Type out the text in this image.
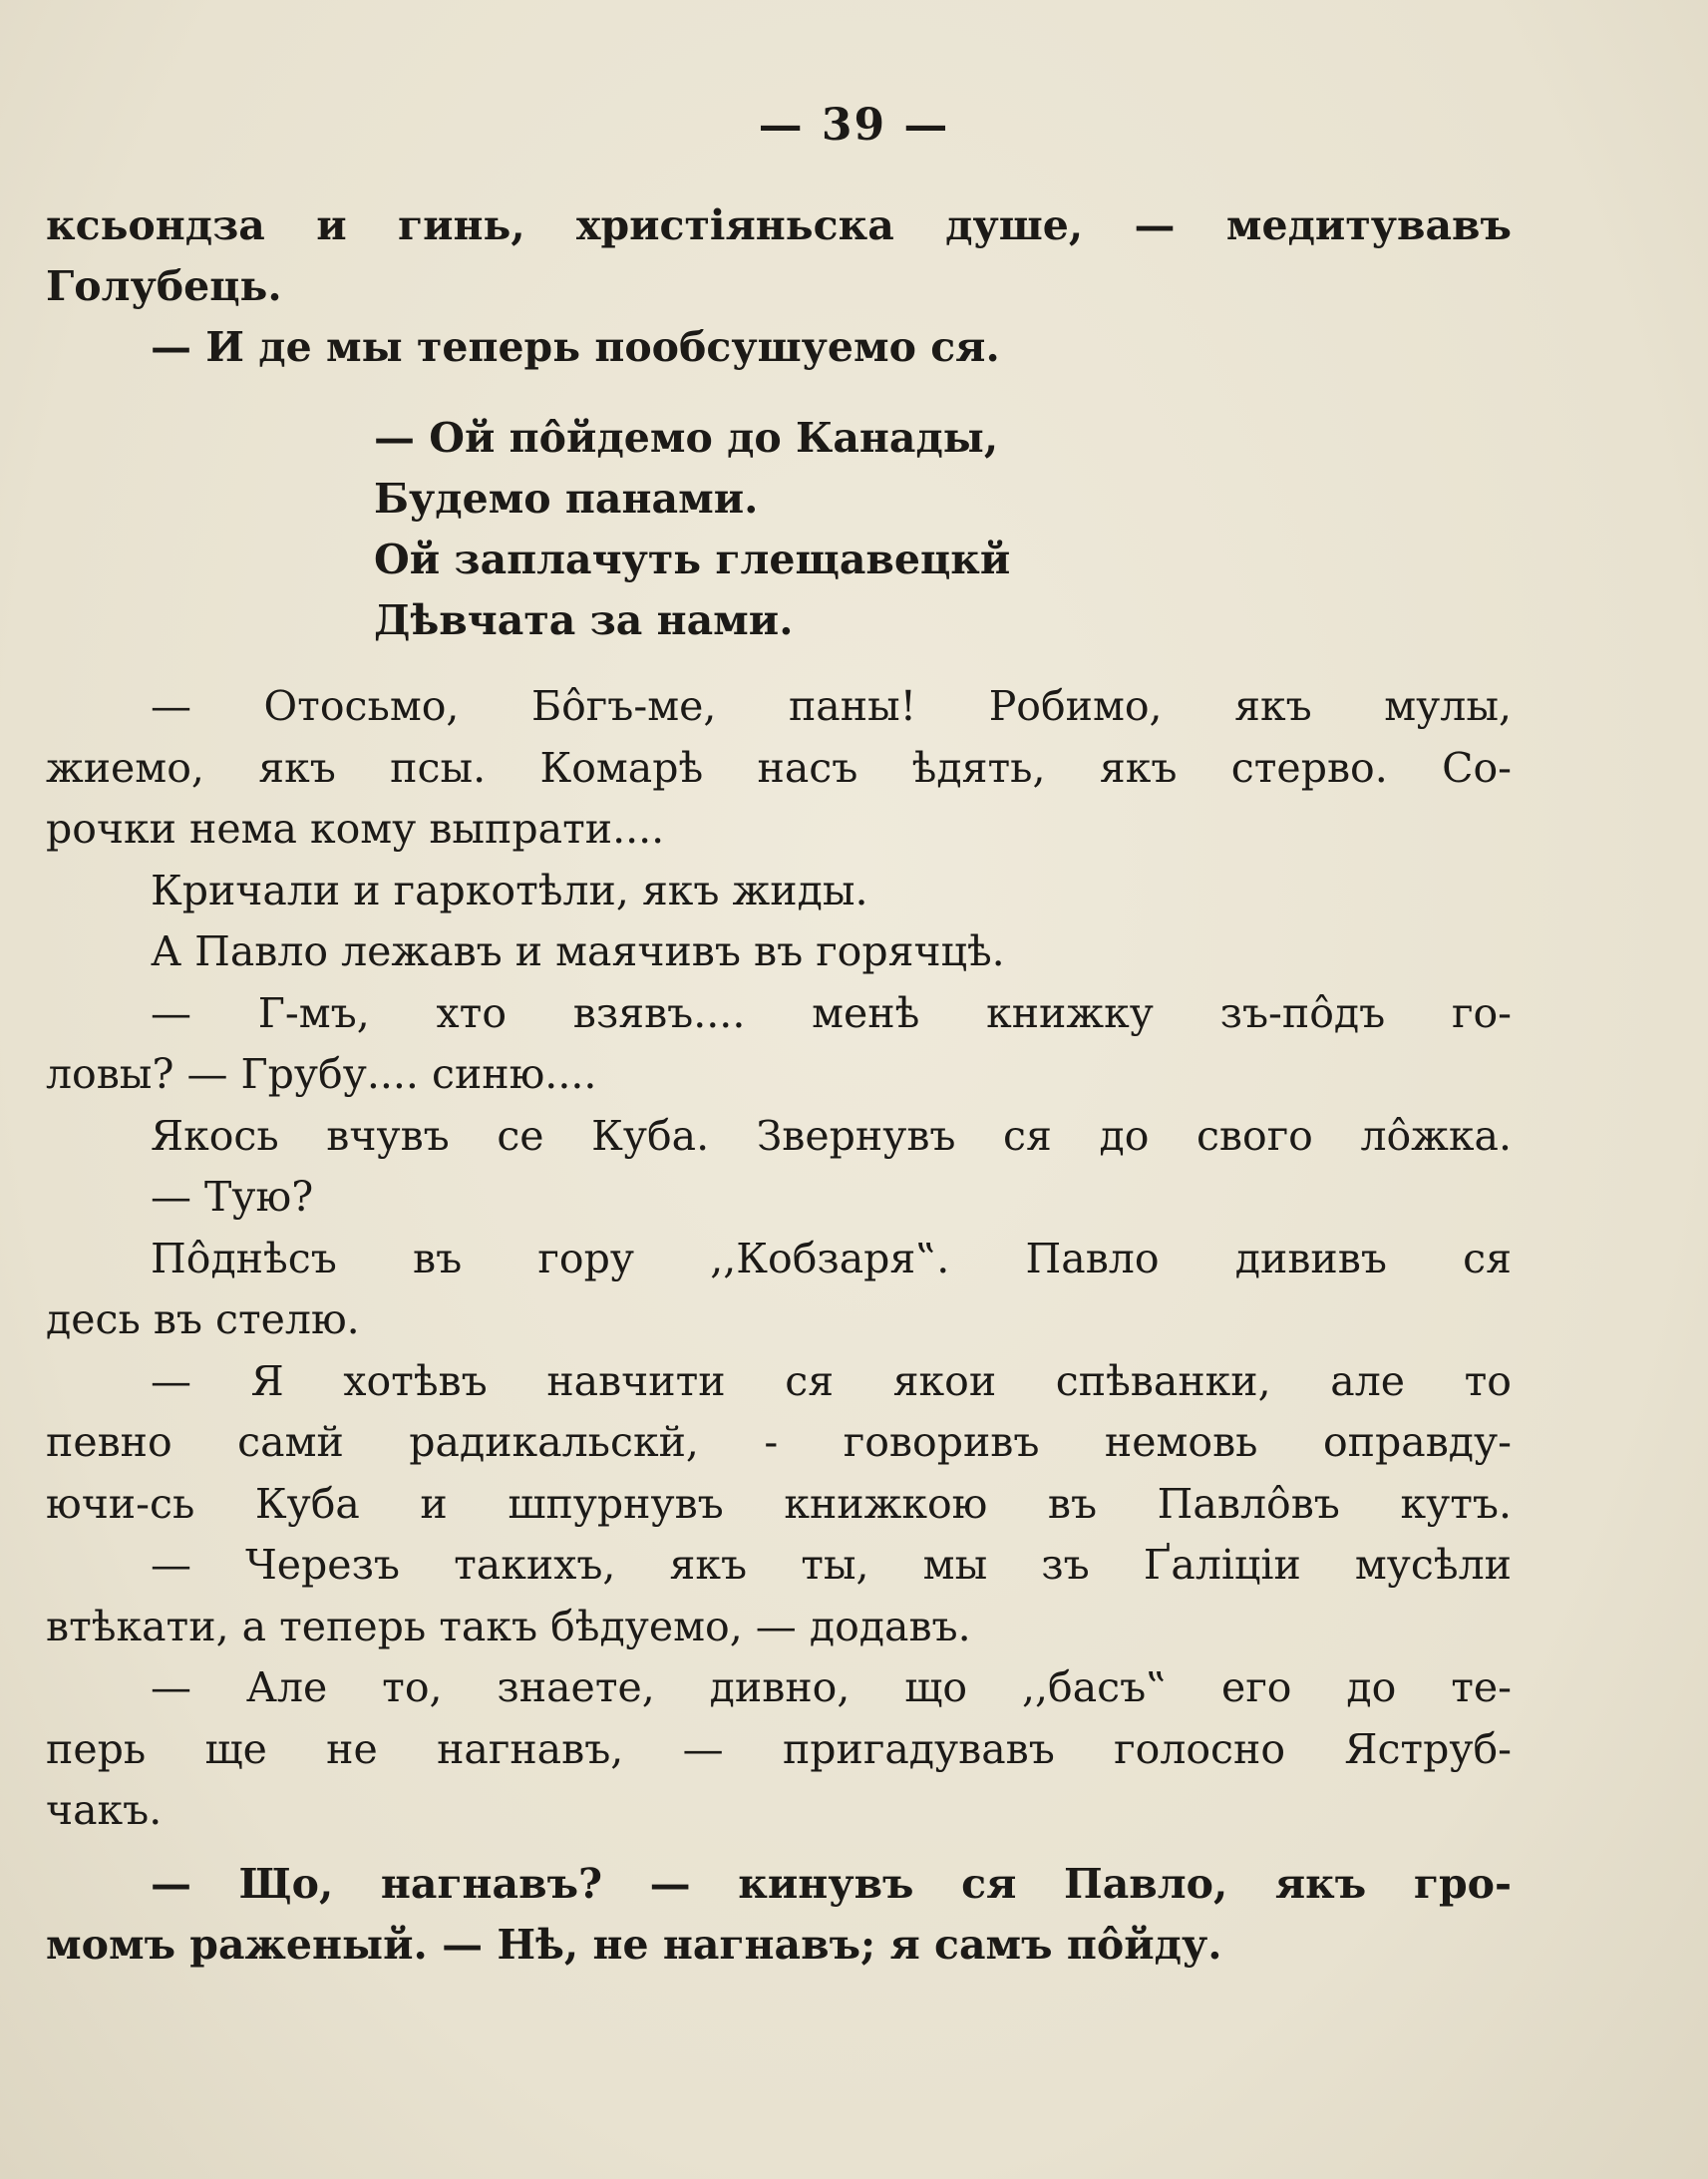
— 39 —
ксьондза и гинь, христіяньска душе, — медитувавъ
Голубець.
— И де мы теперь пообсушуемо ся.
— Ой пôйдемо до Канады,
Будемо панами.
Ой заплачуть глещавецкй
Дѣвчата за нами.
— Отосьмо, Бôгъ-ме, паны! Робимо, якъ мулы,
жиемо, якъ псы. Комарѣ насъ ѣдять, якъ стерво. Со-
рочки нема кому выпрати....
Кричали и гаркотѣли, якъ жиды.
А Павло лежавъ и маячивъ въ горячцѣ.
— Г-мъ, хто взявъ.... менѣ книжку зъ-пôдъ го-
ловы? — Грубу.... синю....
Якось вчувъ се Куба. Звернувъ ся до свого лôжка.
— Тую?
Пôднѣсъ въ гору ,,Кобзаря‟. Павло дививъ ся
десь въ стелю.
— Я хотѣвъ навчити ся якои спѣванки, але то
певно самй радикальскй, - говоривъ немовь оправду-
ючи-сь Куба и шпурнувъ книжкою въ Павлôвъ кутъ.
— Черезъ такихъ, якъ ты, мы зъ Ґаліціи мусѣли
втѣкати, а теперь такъ бѣдуемо, — додавъ.
— Але то, знаете, дивно, що ,,басъ‟ его до те-
перь ще не нагнавъ, — пригадувавъ голосно Яструб-
чакъ.
— Що, нагнавъ? — кинувъ ся Павло, якъ гро-
момъ раженый. — Нѣ, не нагнавъ; я самъ пôйду.
